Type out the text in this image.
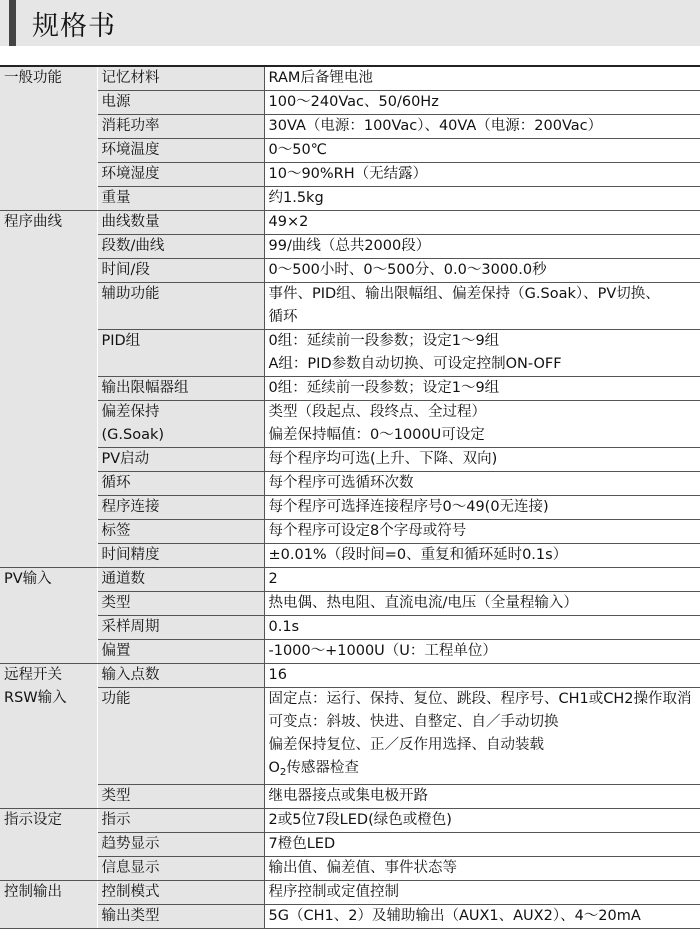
规格书
一般功能	记忆材料	RAM后备锂电池

	电源	100～240Vac、50/60Hz

	消耗功率	30VA（电源：100Vac）、40VA（电源：200Vac）

	环境温度	0～50℃

	环境湿度	10～90%RH（无结露）

	重量	约1.5kg

程序曲线	曲线数量	49×2

	段数/曲线	99/曲线（总共2000段）

	时间/段	0～500小时、0～500分、0.0～3000.0秒

	辅助功能	事件、PID组、输出限幅组、偏差保持（G.Soak）、PV切换、
循环

	PID组	0组：延续前一段参数；设定1～9组
A组：PID参数自动切换、可设定控制ON-OFF

	输出限幅器组	0组：延续前一段参数；设定1～9组

	偏差保持
(G.Soak)	类型（段起点、段终点、全过程）
偏差保持幅值：0～1000U可设定

	PV启动	每个程序均可选(上升、下降、双向)

	循环	每个程序可选循环次数

	程序连接	每个程序可选择连接程序号0～49(0无连接)

	标签	每个程序可设定8个字母或符号

	时间精度	±0.01%（段时间=0、重复和循环延时0.1s）

PV输入	通道数	2

	类型	热电偶、热电阻、直流电流/电压（全量程输入）

	采样周期	0.1s

	偏置	-1000～+1000U（U：工程单位）

远程开关
RSW输入	输入点数	16

	功能	固定点：运行、保持、复位、跳段、程序号、CH1或CH2操作取消
可变点：斜坡、快进、自整定、自／手动切换
偏差保持复位、正／反作用选择、自动装载
$O_2$传感器检查

	类型	继电器接点或集电极开路

指示设定	指示	2或5位7段LED(绿色或橙色)

	趋势显示	7橙色LED

	信息显示	输出值、偏差值、事件状态等

控制输出	控制模式	程序控制或定值控制

	输出类型	5G（CH1、2）及辅助输出（AUX1、AUX2）、4～20mA
